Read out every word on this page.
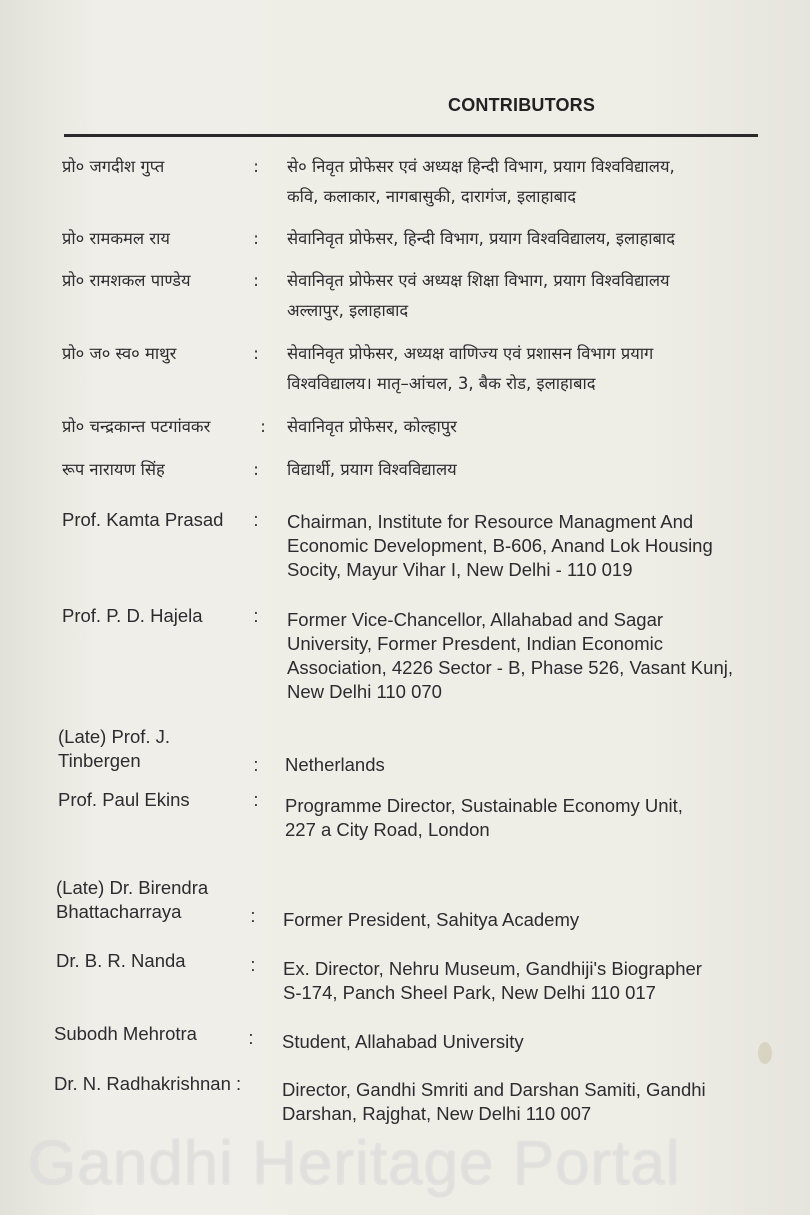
CONTRIBUTORS
प्रो० जगदीश गुप्त	: से० निवृत प्रोफेसर एवं अध्यक्ष हिन्दी विभाग, प्रयाग विश्वविद्यालय,
कवि, कलाकार, नागबासुकी, दारागंज, इलाहाबाद
प्रो० रामकमल राय	: सेवानिवृत प्रोफेसर, हिन्दी विभाग, प्रयाग विश्वविद्यालय, इलाहाबाद
प्रो० रामशकल पाण्डेय	: सेवानिवृत प्रोफेसर एवं अध्यक्ष शिक्षा विभाग, प्रयाग विश्वविद्यालय
अल्लापुर, इलाहाबाद
प्रो० ज० स्व० माथुर	: सेवानिवृत प्रोफेसर, अध्यक्ष वाणिज्य एवं प्रशासन विभाग प्रयाग
विश्वविद्यालय। मातृ–आंचल, 3, बैक रोड, इलाहाबाद
प्रो० चन्द्रकान्त पटगांवकर	: सेवानिवृत प्रोफेसर, कोल्हापुर
रूप नारायण सिंह	: विद्यार्थी, प्रयाग विश्वविद्यालय
Prof. Kamta Prasad	: Chairman, Institute for Resource Managment And
Economic Development, B-606, Anand Lok Housing
Socity, Mayur Vihar I, New Delhi - 110 019
Prof. P. D. Hajela	: Former Vice-Chancellor, Allahabad and Sagar
University, Former Presdent, Indian Economic
Association, 4226 Sector - B, Phase 526, Vasant Kunj,
New Delhi 110 070
(Late) Prof. J.
Tinbergen	: Netherlands
Prof. Paul Ekins	: Programme Director, Sustainable Economy Unit,
227 a City Road, London
(Late) Dr. Birendra
Bhattacharraya	: Former President, Sahitya Academy
Dr. B. R. Nanda	: Ex. Director, Nehru Museum, Gandhiji's Biographer
S-174, Panch Sheel Park, New Delhi 110 017
Subodh Mehrotra	: Student, Allahabad University
Dr. N. Radhakrishnan :	Director, Gandhi Smriti and Darshan Samiti, Gandhi
Darshan, Rajghat, New Delhi 110 007
Gandhi Heritage Portal
